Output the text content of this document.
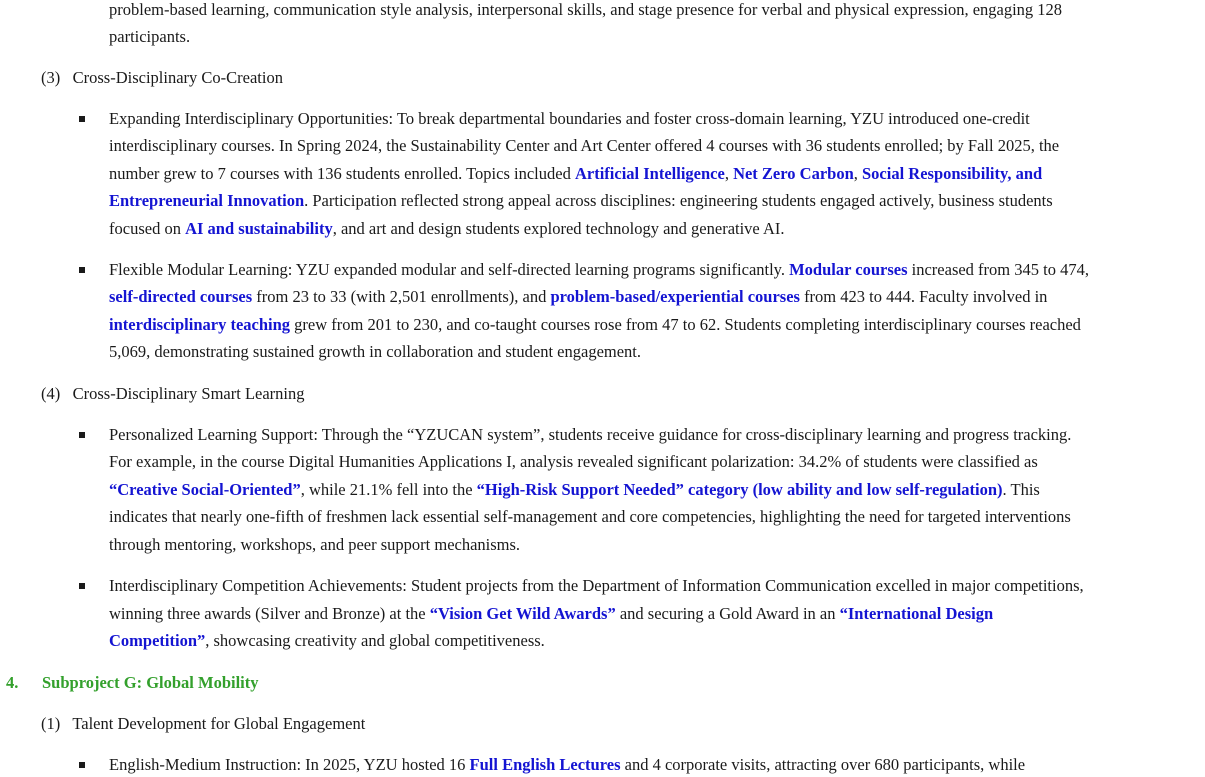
problem-based learning, communication style analysis, interpersonal skills, and stage presence for verbal and physical expression, engaging 128
participants.
(3) Cross-Disciplinary Co-Creation
Expanding Interdisciplinary Opportunities: To break departmental boundaries and foster cross-domain learning, YZU introduced one-credit
interdisciplinary courses. In Spring 2024, the Sustainability Center and Art Center offered 4 courses with 36 students enrolled; by Fall 2025, the
number grew to 7 courses with 136 students enrolled. Topics included Artificial Intelligence, Net Zero Carbon, Social Responsibility, and
Entrepreneurial Innovation. Participation reflected strong appeal across disciplines: engineering students engaged actively, business students
focused on AI and sustainability, and art and design students explored technology and generative AI.
Flexible Modular Learning: YZU expanded modular and self-directed learning programs significantly. Modular courses increased from 345 to 474,
self-directed courses from 23 to 33 (with 2,501 enrollments), and problem-based/experiential courses from 423 to 444. Faculty involved in
interdisciplinary teaching grew from 201 to 230, and co-taught courses rose from 47 to 62. Students completing interdisciplinary courses reached
5,069, demonstrating sustained growth in collaboration and student engagement.
(4) Cross-Disciplinary Smart Learning
Personalized Learning Support: Through the “YZUCAN system”, students receive guidance for cross-disciplinary learning and progress tracking.
For example, in the course Digital Humanities Applications I, analysis revealed significant polarization: 34.2% of students were classified as
“Creative Social-Oriented”, while 21.1% fell into the “High-Risk Support Needed” category (low ability and low self-regulation). This
indicates that nearly one-fifth of freshmen lack essential self-management and core competencies, highlighting the need for targeted interventions
through mentoring, workshops, and peer support mechanisms.
Interdisciplinary Competition Achievements: Student projects from the Department of Information Communication excelled in major competitions,
winning three awards (Silver and Bronze) at the “Vision Get Wild Awards” and securing a Gold Award in an “International Design
Competition”, showcasing creativity and global competitiveness.
4. Subproject G: Global Mobility
(1) Talent Development for Global Engagement
English-Medium Instruction: In 2025, YZU hosted 16 Full English Lectures and 4 corporate visits, attracting over 680 participants, while
